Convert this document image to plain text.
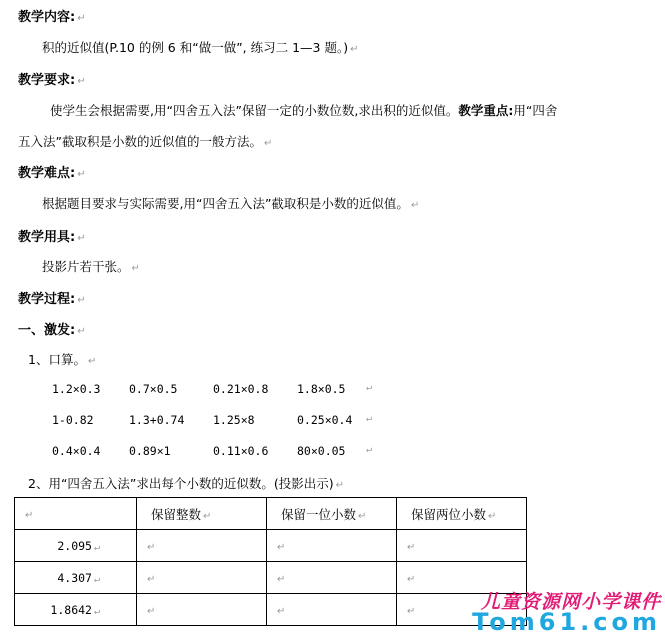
教学内容: ↵
积的近似值(P.10 的例 6 和“做一做”, 练习二 1—3 题。) ↵
教学要求: ↵
使学生会根据需要,用“四舍五入法”保留一定的小数位数,求出积的近似值。教学重点:用“四舍
五入法”截取积是小数的近似值的一般方法。 ↵
教学难点: ↵
根据题目要求与实际需要,用“四舍五入法”截取积是小数的近似值。 ↵
教学用具: ↵
投影片若干张。 ↵
教学过程: ↵
一、激发: ↵
1、口算。 ↵
1.2×0.3 0.7×0.5	0.21×0.8 1.8×0.5 ↵
1-0.82	1.3+0.74 1.25×8	0.25×0.4 ↵
0.4×0.4 0.89×1	0.11×0.6 80×0.05 ↵
2、用“四舍五入法”求出每个小数的近似数。(投影出示) ↵
↵	保留整数 ↵	保留一位小数 ↵	保留两位小数 ↵
2.095 ↵	↵	↵	↵
4.307 ↵	↵	↵	↵
1.8642 ↵	↵	↵	↵	儿童资源网小学课件
Tom61.com
